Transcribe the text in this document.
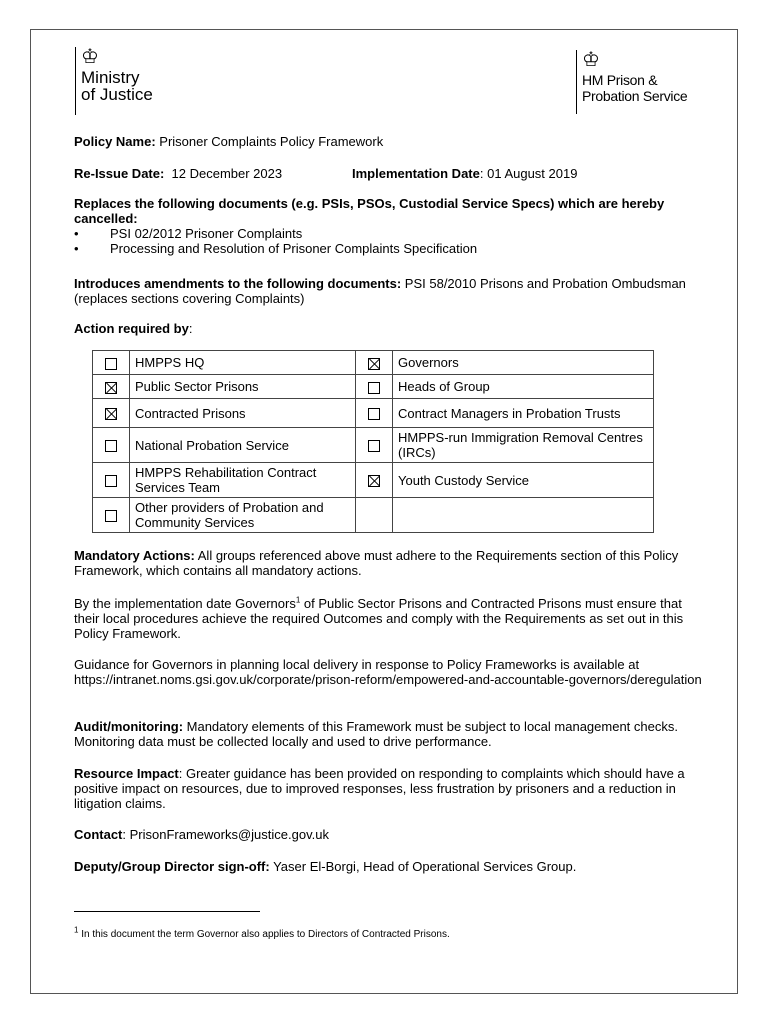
♔
Ministry
of Justice
♔
HM Prison &
Probation Service
Policy Name: Prisoner Complaints Policy Framework
Re-Issue Date:  12 December 2023	Implementation Date: 01 August 2019
Replaces the following documents (e.g. PSIs, PSOs, Custodial Service Specs) which are hereby cancelled:
• PSI 02/2012 Prisoner Complaints
• Processing and Resolution of Prisoner Complaints Specification
Introduces amendments to the following documents: PSI 58/2010 Prisons and Probation Ombudsman (replaces sections covering Complaints)
Action required by:
	HMPPS HQ		Governors
	Public Sector Prisons		Heads of Group
	Contracted Prisons		Contract Managers in Probation Trusts
	National Probation Service		HMPPS-run Immigration Removal Centres (IRCs)
	HMPPS Rehabilitation Contract Services Team		Youth Custody Service
	Other providers of Probation and Community Services		
Mandatory Actions: All groups referenced above must adhere to the Requirements section of this Policy Framework, which contains all mandatory actions.
By the implementation date Governors$^1$ of Public Sector Prisons and Contracted Prisons must ensure that their local procedures achieve the required Outcomes and comply with the Requirements as set out in this Policy Framework.
Guidance for Governors in planning local delivery in response to Policy Frameworks is available at https://intranet.noms.gsi.gov.uk/corporate/prison-reform/empowered-and-accountable-governors/deregulation
Audit/monitoring: Mandatory elements of this Framework must be subject to local management checks. Monitoring data must be collected locally and used to drive performance.
Resource Impact: Greater guidance has been provided on responding to complaints which should have a positive impact on resources, due to improved responses, less frustration by prisoners and a reduction in litigation claims.
Contact: PrisonFrameworks@justice.gov.uk
Deputy/Group Director sign-off: Yaser El-Borgi, Head of Operational Services Group.
$^1$ In this document the term Governor also applies to Directors of Contracted Prisons.
